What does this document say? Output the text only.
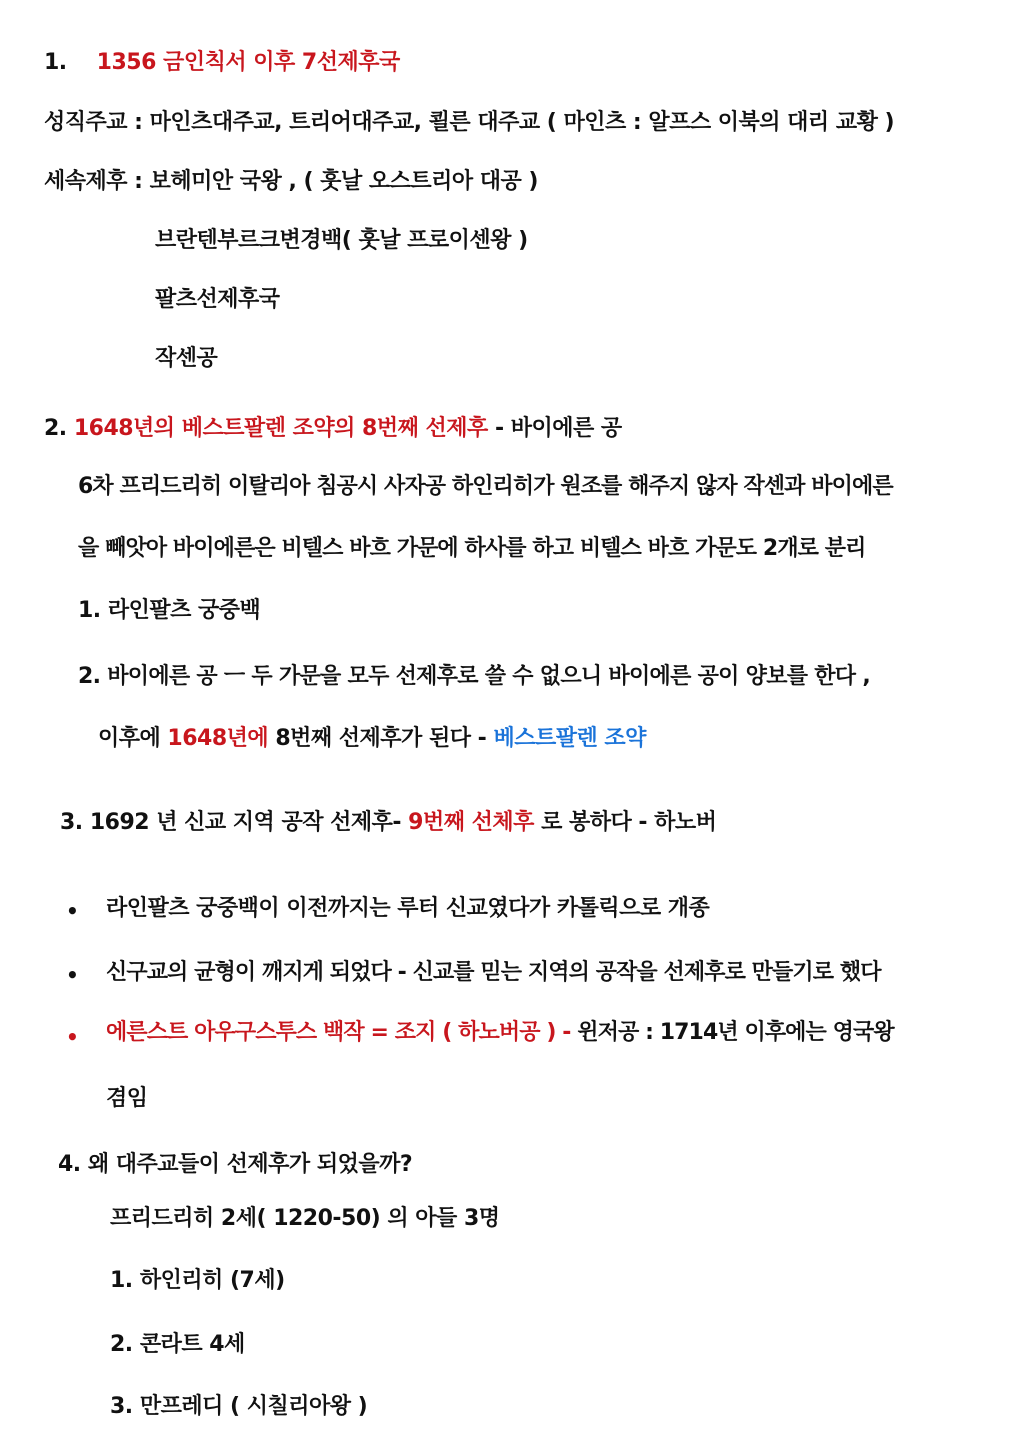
1. 1356 금인칙서 이후 7선제후국
성직주교 : 마인츠대주교, 트리어대주교, 쾰른 대주교 ( 마인츠 : 알프스 이북의 대리 교황 )
세속제후 : 보헤미안 국왕 , ( 훗날 오스트리아 대공 )
브란텐부르크변경백( 훗날 프로이센왕 )
팔츠선제후국
작센공
2. 1648년의 베스트팔렌 조약의 8번째 선제후 - 바이에른 공
6차 프리드리히 이탈리아 침공시 사자공 하인리히가 원조를 해주지 않자 작센과 바이에른
을 빼앗아 바이에른은 비텔스 바흐 가문에 하사를 하고 비텔스 바흐 가문도 2개로 분리
1. 라인팔츠 궁중백
2. 바이에른 공 ㅡ 두 가문을 모두 선제후로 쓸 수 없으니 바이에른 공이 양보를 한다 ,
이후에 1648년에 8번째 선제후가 된다 - 베스트팔렌 조약
3. 1692 년 신교 지역 공작 선제후- 9번째 선체후 로 봉하다 - 하노버
• 라인팔츠 궁중백이 이전까지는 루터 신교였다가 카톨릭으로 개종
• 신구교의 균형이 깨지게 되었다 - 신교를 믿는 지역의 공작을 선제후로 만들기로 했다
• 에른스트 아우구스투스 백작 = 조지 ( 하노버공 ) - 윈저공 : 1714년 이후에는 영국왕
겸임
4. 왜 대주교들이 선제후가 되었을까?
프리드리히 2세( 1220-50) 의 아들 3명
1. 하인리히 (7세)
2. 콘라트 4세
3. 만프레디 ( 시칠리아왕 )
